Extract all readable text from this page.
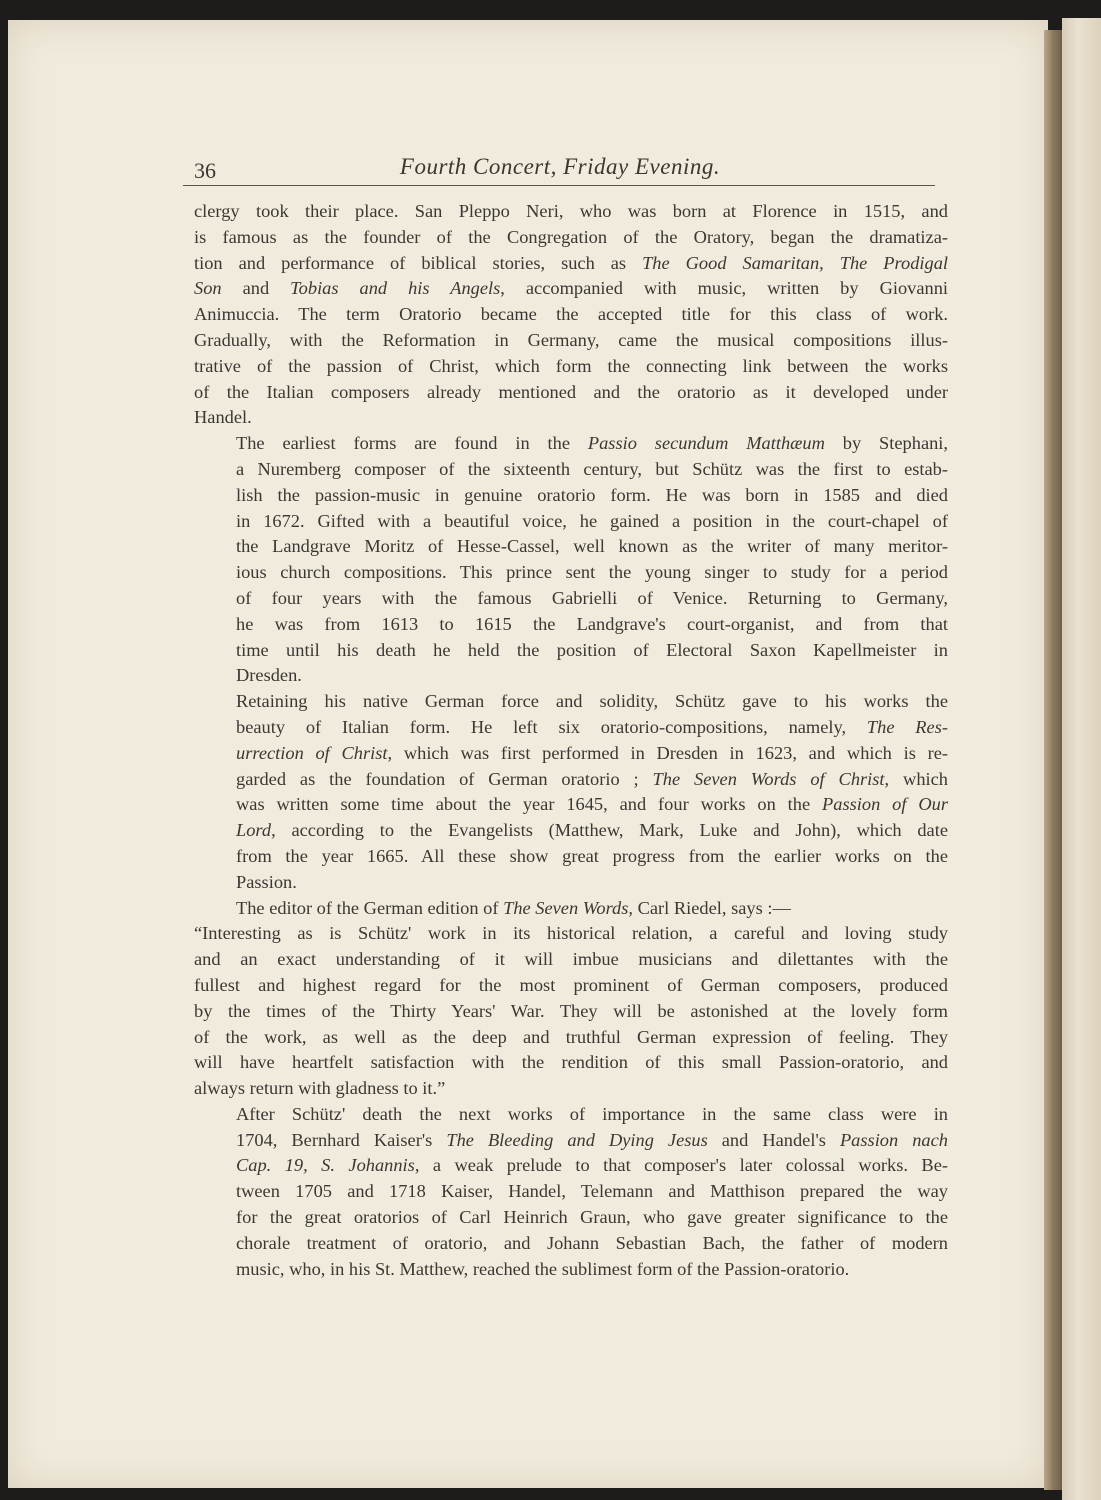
36	Fourth Concert, Friday Evening.

clergy took their place. San Pleppo Neri, who was born at Florence in 1515, and
is famous as the founder of the Congregation of the Oratory, began the dramatiza-
tion and performance of biblical stories, such as The Good Samaritan, The Prodigal
Son and Tobias and his Angels, accompanied with music, written by Giovanni
Animuccia. The term Oratorio became the accepted title for this class of work.
Gradually, with the Reformation in Germany, came the musical compositions illus-
trative of the passion of Christ, which form the connecting link between the works
of the Italian composers already mentioned and the oratorio as it developed under
Handel.

The earliest forms are found in the Passio secundum Matthæum by Stephani,
a Nuremberg composer of the sixteenth century, but Schütz was the first to estab-
lish the passion-music in genuine oratorio form. He was born in 1585 and died
in 1672. Gifted with a beautiful voice, he gained a position in the court-chapel of
the Landgrave Moritz of Hesse-Cassel, well known as the writer of many meritor-
ious church compositions. This prince sent the young singer to study for a period
of four years with the famous Gabrielli of Venice. Returning to Germany,
he was from 1613 to 1615 the Landgrave's court-organist, and from that
time until his death he held the position of Electoral Saxon Kapellmeister in
Dresden.

Retaining his native German force and solidity, Schütz gave to his works the
beauty of Italian form. He left six oratorio-compositions, namely, The Res-
urrection of Christ, which was first performed in Dresden in 1623, and which is re-
garded as the foundation of German oratorio ; The Seven Words of Christ, which
was written some time about the year 1645, and four works on the Passion of Our
Lord, according to the Evangelists (Matthew, Mark, Luke and John), which date
from the year 1665. All these show great progress from the earlier works on the
Passion.

The editor of the German edition of The Seven Words, Carl Riedel, says :—

“Interesting as is Schütz' work in its historical relation, a careful and loving study
and an exact understanding of it will imbue musicians and dilettantes with the
fullest and highest regard for the most prominent of German composers, produced
by the times of the Thirty Years' War. They will be astonished at the lovely form
of the work, as well as the deep and truthful German expression of feeling. They
will have heartfelt satisfaction with the rendition of this small Passion-oratorio, and
always return with gladness to it.”

After Schütz' death the next works of importance in the same class were in
1704, Bernhard Kaiser's The Bleeding and Dying Jesus and Handel's Passion nach
Cap. 19, S. Johannis, a weak prelude to that composer's later colossal works. Be-
tween 1705 and 1718 Kaiser, Handel, Telemann and Matthison prepared the way
for the great oratorios of Carl Heinrich Graun, who gave greater significance to the
chorale treatment of oratorio, and Johann Sebastian Bach, the father of modern
music, who, in his St. Matthew, reached the sublimest form of the Passion-oratorio.
